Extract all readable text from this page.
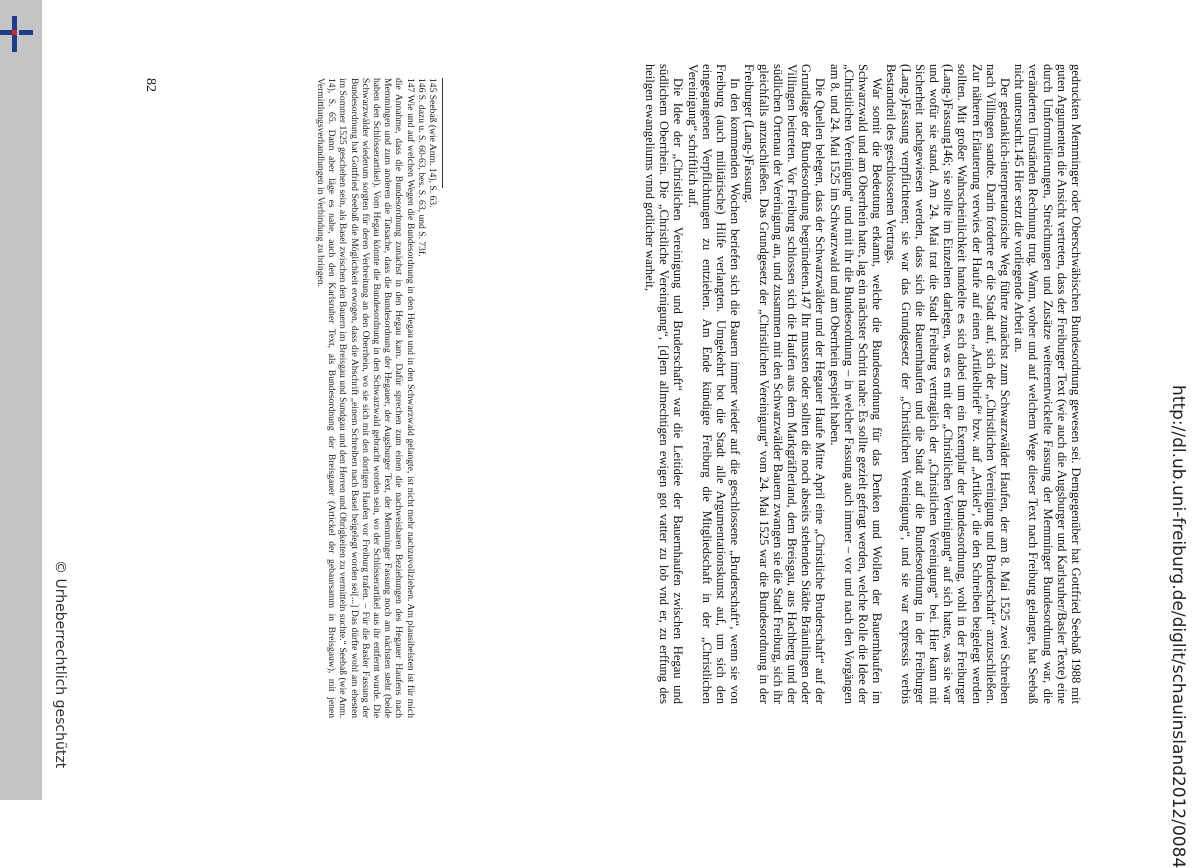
http://dl.ub.uni-freiburg.de/diglit/schauinsland2012/0084
© Urheberrechtlich geschützt	gedruckten Memminger oder Oberschwäbischen Bundesordnung gewesen sei. Demgegenüber hat Gottfried Seebaß 1988 mit guten Argumenten die Ansicht vertreten, dass der Freiburger Text (wie auch die Augsburger und Karlsruher/Basler Texte) eine durch Umformulierungen, Streichungen und Zusätze weiterentwickelte Fassung der Memminger Bundesordnung war, die veränderten Umständen Rechnung trug. Wann, woher und auf welchem Wege dieser Text nach Freiburg gelangte, hat Seebaß nicht untersucht.145 Hier setzt die vorliegende Arbeit an.

Der gedanklich-interpretatorische Weg führte zunächst zum Schwarzwälder Haufen, der am 8. Mai 1525 zwei Schreiben nach Villingen sandte. Darin forderte er die Stadt auf, sich der „Christlichen Vereinigung und Bruderschaft“ anzuschließen. Zur näheren Erläuterung verwies der Haufe auf einen „Artikelbrief“ bzw. auf „Artikel“, die den Schreiben beigelegt werden sollten. Mit großer Wahrscheinlichkeit handelte es sich dabei um ein Exemplar der Bundesordnung, wohl in der Freiburger (Lang-)Fassung146; sie sollte im Einzelnen darlegen, was es mit der „Christlichen Vereinigung“ auf sich hatte, was sie war und wofür sie stand. Am 24. Mai trat die Stadt Freiburg vertraglich der „Christlichen Vereinigung“ bei. Hier kann mit Sicherheit nachgewiesen werden, dass sich die Bauernhaufen und die Stadt auf die Bundesordnung in der Freiburger (Lang-)Fassung verpflichteten; sie war das Grundgesetz der „Christlichen Vereinigung“, und sie war expressis verbis Bestandteil des geschlossenen Vertrags.

War somit die Bedeutung erkannt, welche die Bundesordnung für das Denken und Wollen der Bauernhaufen im Schwarzwald und am Oberrhein hatte, lag ein nächster Schritt nahe: Es sollte gezielt gefragt werden, welche Rolle die Idee der „Christlichen Vereinigung“ und mit ihr die Bundesordnung – in welcher Fassung auch immer – vor und nach den Vorgängen am 8. und 24. Mai 1525 im Schwarzwald und am Oberrhein gespielt haben.

Die Quellen belegen, dass der Schwarzwälder und der Hegauer Haufe Mitte April eine „Christliche Bruderschaft“ auf der Grundlage der Bundesordnung begründeten.147 Ihr mussten oder sollten die noch abseits stehenden Städte Bräunlingen oder Villingen beitreten. Vor Freiburg schlossen sich die Haufen aus dem Markgräflerland, dem Breisgau, aus Hachberg und der südlichen Ortenau der Vereinigung an, und zusammen mit den Schwarzwälder Bauern zwangen sie die Stadt Freiburg, sich ihr gleichfalls anzuschließen. Das Grundgesetz der „Christlichen Vereinigung“ vom 24. Mai 1525 war die Bundesordnung in der Freiburger (Lang-)Fassung.

In den kommenden Wochen beriefen sich die Bauern immer wieder auf die geschlossene „Bruderschaft“, wenn sie von Freiburg (auch militärische) Hilfe verlangten. Umgekehrt bot die Stadt alle Argumentationskunst auf, um sich den eingegangenen Verpflichtungen zu entziehen. Am Ende kündigte Freiburg die Mitgliedschaft in der „Christlichen Vereinigung“ schriftlich auf.

Die Idee der „Christlichen Vereinigung und Bruderschaft“ war die Leitidee der Bauernhaufen zwischen Hegau und südlichem Oberrhein. Die „Christliche Vereinigung“, [d]em allmechtigen ewigen got vatter zu lob vnd er, zu erffung des heilgen ewangeliums vnnd gotlicher warheit,

145 Seebaß (wie Anm. 14), S. 63.

146 S. dazu u. S. 60-63, bes. S. 63, und S. 73f.

147 Wie und auf welchen Wegen die Bundesordnung in den Hegau und in den Schwarzwald gelangte, ist nicht mehr nachzuvollziehen. Am plausibelsten ist für mich die Annahme, dass die Bundesordnung zunächst in den Hegau kam. Dafür sprechen zum einen die nachweisbaren Beziehungen des Hegauer Haufens nach Memmingen und zum anderen die Tatsache, dass die Bundesordnung der Hegauer, der Augsburger Text, der Memminger Fassung noch am nächsten steht (beide haben den Schlösserartikel). Vom Hegau könnte die Bundesordnung in den Schwarzwald gebracht worden sein, wo der Schlösserartikel aus ihr entfernt wurde. Die Schwarzwälder wiederum sorgten für deren Verbreitung an den Oberrhein, wo sie sich mit den dortigen Haufen vor Freiburg trafen. – Für die Basler Fassung der Bundesordnung hat Gottfried Seebaß die Möglichkeit erwogen, dass die Abschrift „einem Schreiben nach Basel beigelegt worden sei[...] Das dürfte wohl am ehesten im Sommer 1525 geschehen sein, als Basel zwischen den Bauern im Breisgau und Sundgau und den Herren und Obrigkeiten zu vermitteln suchte.“ Seebaß (wie Anm. 14), S. 65. Dann aber läge es nahe, auch den Karlsruher Text, als Bundesordnung der Breisgauer (Artickel der gebaursamm in Breisgauw), mit jenen Vermittlungsverhandlungen in Verbindung zu bringen.

82
